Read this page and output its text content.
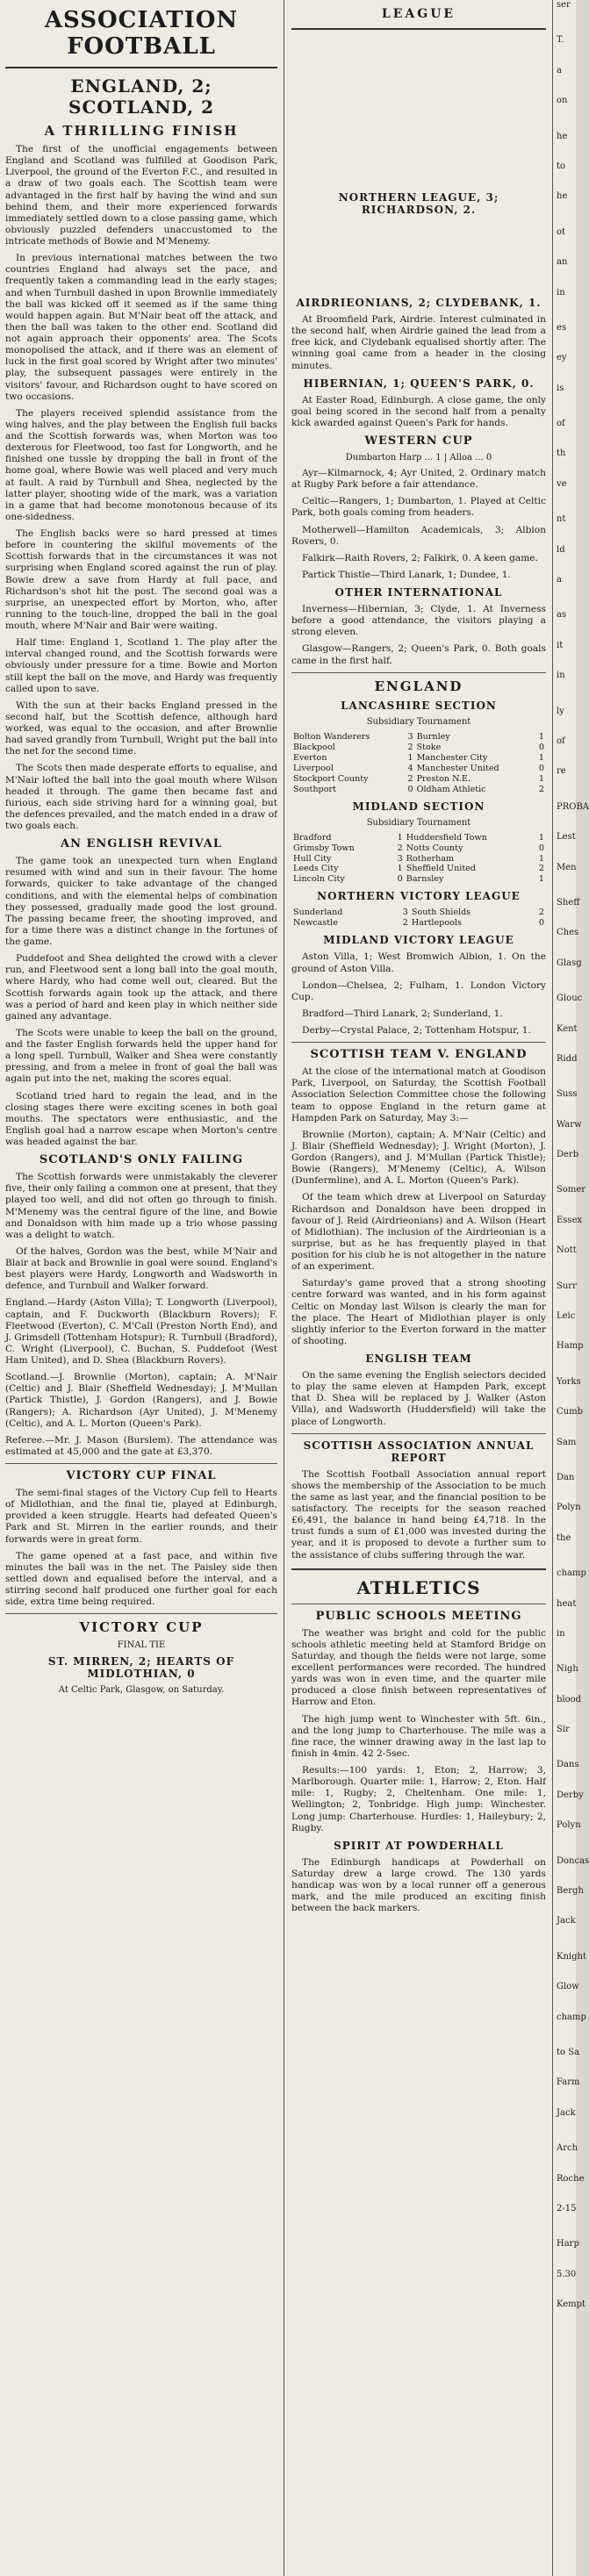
ASSOCIATION FOOTBALL
ENGLAND, 2; SCOTLAND, 2
A THRILLING FINISH

The first of the unofficial engagements between England and Scotland was fulfilled at Goodison Park, Liverpool, the ground of the Everton F.C., and resulted in a draw of two goals each. The Scottish team were advantaged in the first half by having the wind and sun behind them, and their more experienced forwards immediately settled down to a close passing game, which obviously puzzled defenders unaccustomed to the intricate methods of Bowie and M'Menemy.

In previous international matches between the two countries England had always set the pace, and frequently taken a commanding lead in the early stages; and when Turnbull dashed in upon Brownlie immediately the ball was kicked off it seemed as if the same thing would happen again. But M'Nair beat off the attack, and then the ball was taken to the other end. Scotland did not again approach their opponents' area. The Scots monopolised the attack, and if there was an element of luck in the first goal scored by Wright after two minutes' play, the subsequent passages were entirely in the visitors' favour, and Richardson ought to have scored on two occasions.

The players received splendid assistance from the wing halves, and the play between the English full backs and the Scottish forwards was, when Morton was too dexterous for Fleetwood, too fast for Longworth, and he finished one tussle by dropping the ball in front of the home goal, where Bowie was well placed and very much at fault. A raid by Turnbull and Shea, neglected by the latter player, shooting wide of the mark, was a variation in a game that had become monotonous because of its one-sidedness.

The English backs were so hard pressed at times before in countering the skilful movements of the Scottish forwards that in the circumstances it was not surprising when England scored against the run of play. Bowie drew a save from Hardy at full pace, and Richardson's shot hit the post. The second goal was a surprise, an unexpected effort by Morton, who, after running to the touch-line, dropped the ball in the goal mouth, where M'Nair and Bair were waiting.

Half time: England 1, Scotland 1. The play after the interval changed round, and the Scottish forwards were obviously under pressure for a time. Bowie and Morton still kept the ball on the move, and Hardy was frequently called upon to save.

With the sun at their backs England pressed in the second half, but the Scottish defence, although hard worked, was equal to the occasion, and after Brownlie had saved grandly from Turnbull, Wright put the ball into the net for the second time.

The Scots then made desperate efforts to equalise, and M'Nair lofted the ball into the goal mouth where Wilson headed it through. The game then became fast and furious, each side striving hard for a winning goal, but the defences prevailed, and the match ended in a draw of two goals each.

AN ENGLISH REVIVAL

The game took an unexpected turn when England resumed with wind and sun in their favour. The home forwards, quicker to take advantage of the changed conditions, and with the elemental helps of combination they possessed, gradually made good the lost ground. The passing became freer, the shooting improved, and for a time there was a distinct change in the fortunes of the game.

Puddefoot and Shea delighted the crowd with a clever run, and Fleetwood sent a long ball into the goal mouth, where Hardy, who had come well out, cleared. But the Scottish forwards again took up the attack, and there was a period of hard and keen play in which neither side gained any advantage.

The Scots were unable to keep the ball on the ground, and the faster English forwards held the upper hand for a long spell. Turnbull, Walker and Shea were constantly pressing, and from a melee in front of goal the ball was again put into the net, making the scores equal.

Scotland tried hard to regain the lead, and in the closing stages there were exciting scenes in both goal mouths. The spectators were enthusiastic, and the English goal had a narrow escape when Morton's centre was headed against the bar.

SCOTLAND'S ONLY FAILING

The Scottish forwards were unmistakably the cleverer five, their only failing a common one at present, that they played too well, and did not often go through to finish. M'Menemy was the central figure of the line, and Bowie and Donaldson with him made up a trio whose passing was a delight to watch.

Of the halves, Gordon was the best, while M'Nair and Blair at back and Brownlie in goal were sound. England's best players were Hardy, Longworth and Wadsworth in defence, and Turnbull and Walker forward.

England.—Hardy (Aston Villa); T. Longworth (Liverpool), captain, and F. Duckworth (Blackburn Rovers); F. Fleetwood (Everton), C. M'Call (Preston North End), and J. Grimsdell (Tottenham Hotspur); R. Turnbull (Bradford), C. Wright (Liverpool), C. Buchan, S. Puddefoot (West Ham United), and D. Shea (Blackburn Rovers).

Scotland.—J. Brownlie (Morton), captain; A. M'Nair (Celtic) and J. Blair (Sheffield Wednesday); J. M'Mullan (Partick Thistle), J. Gordon (Rangers), and J. Bowie (Rangers); A. Richardson (Ayr United), J. M'Menemy (Celtic), and A. L. Morton (Queen's Park).

Referee.—Mr. J. Mason (Burslem). The attendance was estimated at 45,000 and the gate at £3,370.

VICTORY CUP FINAL

The semi-final stages of the Victory Cup fell to Hearts of Midlothian, and the final tie, played at Edinburgh, provided a keen struggle. Hearts had defeated Queen's Park and St. Mirren in the earlier rounds, and their forwards were in great form.

The game opened at a fast pace, and within five minutes the ball was in the net. The Paisley side then settled down and equalised before the interval, and a stirring second half produced one further goal for each side, extra time being required.

VICTORY CUP
FINAL TIE
ST. MIRREN, 2; HEARTS OF MIDLOTHIAN, 0
At Celtic Park, Glasgow, on Saturday.
LEAGUE
NORTHERN LEAGUE, 3; RICHARDSON, 2.
AIRDRIEONIANS, 2; CLYDEBANK, 1.

At Broomfield Park, Airdrie. Interest culminated in the second half, when Airdrie gained the lead from a free kick, and Clydebank equalised shortly after. The winning goal came from a header in the closing minutes.

HIBERNIAN, 1; QUEEN'S PARK, 0.

At Easter Road, Edinburgh. A close game, the only goal being scored in the second half from a penalty kick awarded against Queen's Park for hands.

WESTERN CUP
Dumbarton Harp ... 1 | Alloa ... 0

Ayr—Kilmarnock, 4; Ayr United, 2. Ordinary match at Rugby Park before a fair attendance.

Celtic—Rangers, 1; Dumbarton, 1. Played at Celtic Park, both goals coming from headers.

Motherwell—Hamilton Academicals, 3; Albion Rovers, 0.

Falkirk—Raith Rovers, 2; Falkirk, 0. A keen game.

Partick Thistle—Third Lanark, 1; Dundee, 1.

OTHER INTERNATIONAL

Inverness—Hibernian, 3; Clyde, 1. At Inverness before a good attendance, the visitors playing a strong eleven.

Glasgow—Rangers, 2; Queen's Park, 0. Both goals came in the first half.

ENGLAND
LANCASHIRE SECTION
Subsidiary Tournament
Bolton Wanderers	3	Burnley	1
Blackpool	2	Stoke	0
Everton	1	Manchester City	1
Liverpool	4	Manchester United	0
Stockport County	2	Preston N.E.	1
Southport	0	Oldham Athletic	2
MIDLAND SECTION
Subsidiary Tournament
Bradford	1	Huddersfield Town	1
Grimsby Town	2	Notts County	0
Hull City	3	Rotherham	1
Leeds City	1	Sheffield United	2
Lincoln City	0	Barnsley	1
NORTHERN VICTORY LEAGUE
Sunderland	3	South Shields	2
Newcastle	2	Hartlepools	0
MIDLAND VICTORY LEAGUE

Aston Villa, 1; West Bromwich Albion, 1. On the ground of Aston Villa.

London—Chelsea, 2; Fulham, 1. London Victory Cup.

Bradford—Third Lanark, 2; Sunderland, 1.

Derby—Crystal Palace, 2; Tottenham Hotspur, 1.

SCOTTISH TEAM V. ENGLAND

At the close of the international match at Goodison Park, Liverpool, on Saturday, the Scottish Football Association Selection Committee chose the following team to oppose England in the return game at Hampden Park on Saturday, May 3:—

Brownlie (Morton), captain; A. M'Nair (Celtic) and J. Blair (Sheffield Wednesday); J. Wright (Morton), J. Gordon (Rangers), and J. M'Mullan (Partick Thistle); Bowie (Rangers), M'Menemy (Celtic), A. Wilson (Dunfermline), and A. L. Morton (Queen's Park).

Of the team which drew at Liverpool on Saturday Richardson and Donaldson have been dropped in favour of J. Reid (Airdrieonians) and A. Wilson (Heart of Midlothian). The inclusion of the Airdrieonian is a surprise, but as he has frequently played in that position for his club he is not altogether in the nature of an experiment.

Saturday's game proved that a strong shooting centre forward was wanted, and in his form against Celtic on Monday last Wilson is clearly the man for the place. The Heart of Midlothian player is only slightly inferior to the Everton forward in the matter of shooting.

ENGLISH TEAM

On the same evening the English selectors decided to play the same eleven at Hampden Park, except that D. Shea will be replaced by J. Walker (Aston Villa), and Wadsworth (Huddersfield) will take the place of Longworth.

SCOTTISH ASSOCIATION ANNUAL REPORT

The Scottish Football Association annual report shows the membership of the Association to be much the same as last year, and the financial position to be satisfactory. The receipts for the season reached £6,491, the balance in hand being £4,718. In the trust funds a sum of £1,000 was invested during the year, and it is proposed to devote a further sum to the assistance of clubs suffering through the war.

ATHLETICS
PUBLIC SCHOOLS MEETING

The weather was bright and cold for the public schools athletic meeting held at Stamford Bridge on Saturday, and though the fields were not large, some excellent performances were recorded. The hundred yards was won in even time, and the quarter mile produced a close finish between representatives of Harrow and Eton.

The high jump went to Winchester with 5ft. 6in., and the long jump to Charterhouse. The mile was a fine race, the winner drawing away in the last lap to finish in 4min. 42 2-5sec.

Results:—100 yards: 1, Eton; 2, Harrow; 3, Marlborough. Quarter mile: 1, Harrow; 2, Eton. Half mile: 1, Rugby; 2, Cheltenham. One mile: 1, Wellington; 2, Tonbridge. High jump: Winchester. Long jump: Charterhouse. Hurdles: 1, Haileybury; 2, Rugby.

SPIRIT AT POWDERHALL

The Edinburgh handicaps at Powderhall on Saturday drew a large crowd. The 130 yards handicap was won by a local runner off a generous mark, and the mile produced an exciting finish between the back markers.

ser
T.
a
on
he
to
he
ot
an
in
es
ey
is
of
th
ve
nt
ld
a
as
it
in
ly
of
re
PROBA
Lest
Men
Sheff
Ches
Glasg
Glouc
Kent
Ridd
Suss
Warw
Derb
Somer
Essex
Nott
Surr
Leic
Hamp
Yorks
Cumb
Sam
Dan
Polyn
the
champ
heat
in
Nigh
blood
Sir
Dans
Derby
Polyn
Doncas
Bergh
Jack
Knight
Glow
champ
to Sa
Farm
Jack
Arch
Roche
2-15
Harp
5.30
Kempt
